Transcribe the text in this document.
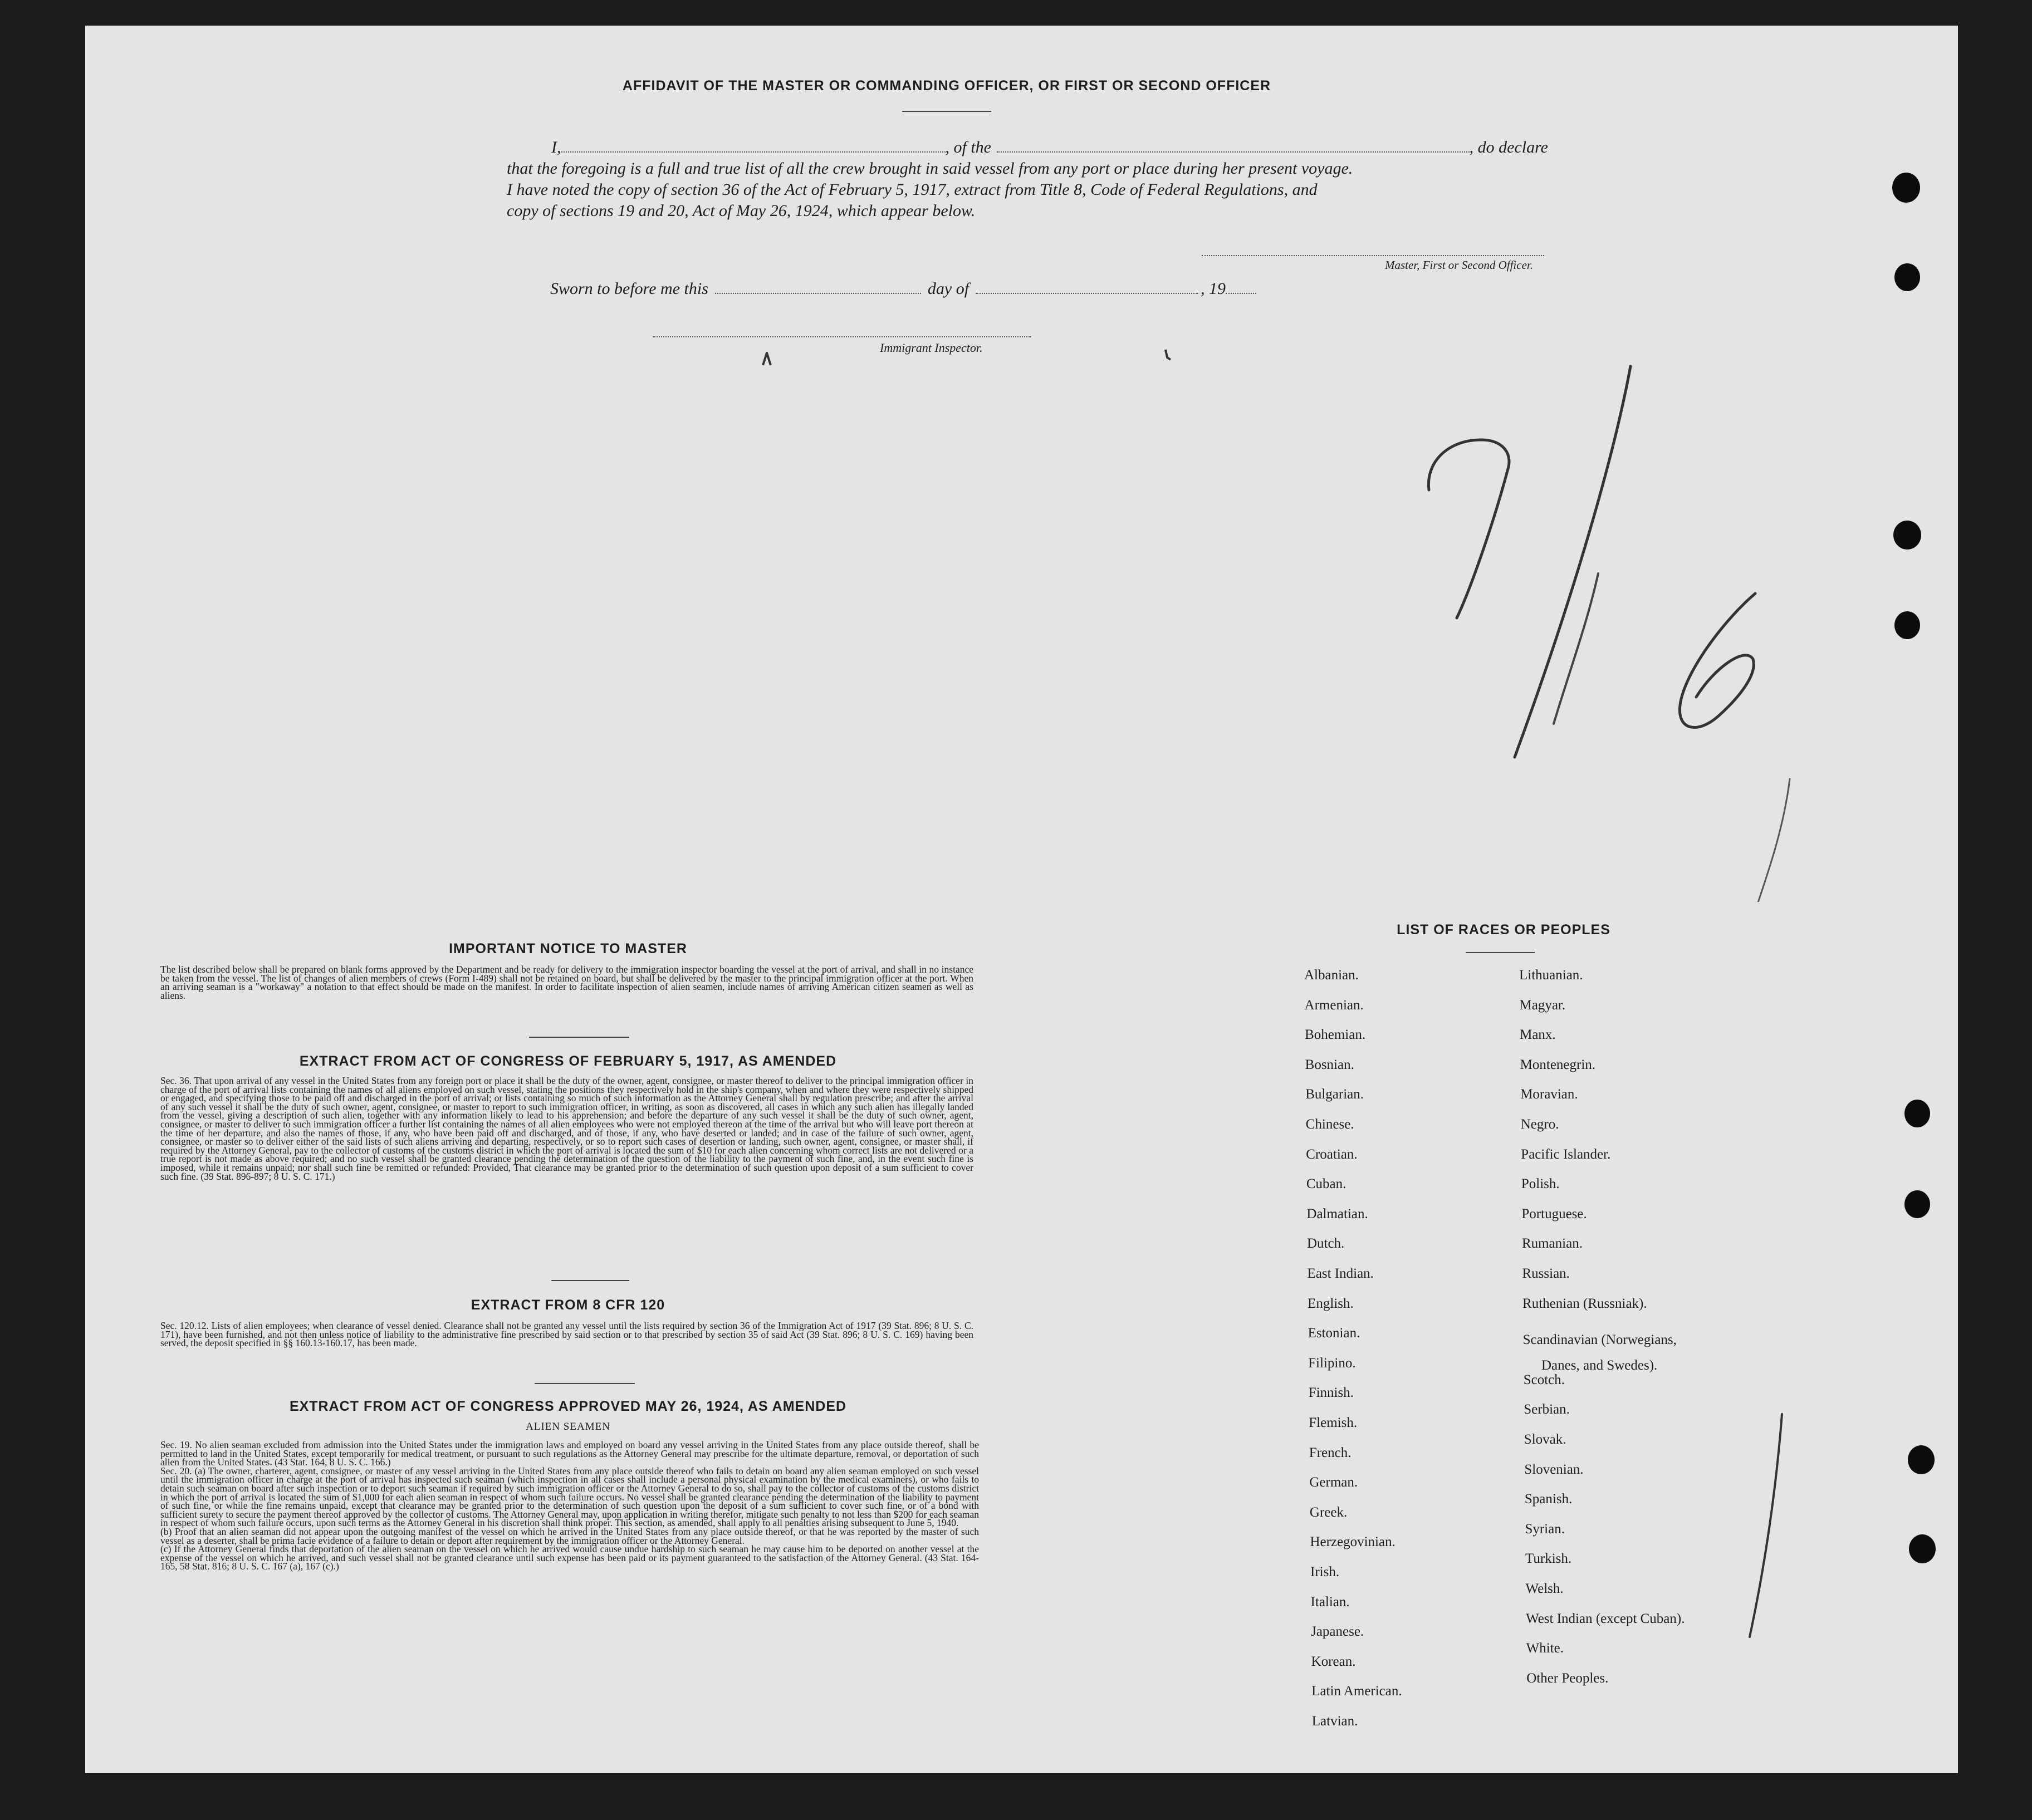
AFFIDAVIT OF THE MASTER OR COMMANDING OFFICER, OR FIRST OR SECOND OFFICER
I,	, of the	, do declare
that the foregoing is a full and true list of all the crew brought in said vessel from any port or place during her present voyage.
I have noted the copy of section 36 of the Act of February 5, 1917, extract from Title 8, Code of Federal Regulations, and
copy of sections 19 and 20, Act of May 26, 1924, which appear below.
Master, First or Second Officer.
Sworn to before me this	day of	, 19
Immigrant Inspector.
IMPORTANT NOTICE TO MASTER
The list described below shall be prepared on blank forms approved by the Department and be ready for delivery to the immigration inspector boarding the vessel at the port of arrival, and shall in no instance be taken from the vessel. The list of changes of alien members of crews (Form I-489) shall not be retained on board, but shall be delivered by the master to the principal immigration officer at the port. When an arriving seaman is a "workaway" a notation to that effect should be made on the manifest. In order to facilitate inspection of alien seamen, include names of arriving American citizen seamen as well as aliens.
EXTRACT FROM ACT OF CONGRESS OF FEBRUARY 5, 1917, AS AMENDED
Sec. 36. That upon arrival of any vessel in the United States from any foreign port or place it shall be the duty of the owner, agent, consignee, or master thereof to deliver to the principal immigration officer in charge of the port of arrival lists containing the names of all aliens employed on such vessel, stating the positions they respectively hold in the ship's company, when and where they were respectively shipped or engaged, and specifying those to be paid off and discharged in the port of arrival; or lists containing so much of such information as the Attorney General shall by regulation prescribe; and after the arrival of any such vessel it shall be the duty of such owner, agent, consignee, or master to report to such immigration officer, in writing, as soon as discovered, all cases in which any such alien has illegally landed from the vessel, giving a description of such alien, together with any information likely to lead to his apprehension; and before the departure of any such vessel it shall be the duty of such owner, agent, consignee, or master to deliver to such immigration officer a further list containing the names of all alien employees who were not employed thereon at the time of the arrival but who will leave port thereon at the time of her departure, and also the names of those, if any, who have been paid off and discharged, and of those, if any, who have deserted or landed; and in case of the failure of such owner, agent, consignee, or master so to deliver either of the said lists of such aliens arriving and departing, respectively, or so to report such cases of desertion or landing, such owner, agent, consignee, or master shall, if required by the Attorney General, pay to the collector of customs of the customs district in which the port of arrival is located the sum of $10 for each alien concerning whom correct lists are not delivered or a true report is not made as above required; and no such vessel shall be granted clearance pending the determination of the question of the liability to the payment of such fine, and, in the event such fine is imposed, while it remains unpaid; nor shall such fine be remitted or refunded: Provided, That clearance may be granted prior to the determination of such question upon deposit of a sum sufficient to cover such fine. (39 Stat. 896-897; 8 U. S. C. 171.)
EXTRACT FROM 8 CFR 120
Sec. 120.12. Lists of alien employees; when clearance of vessel denied. Clearance shall not be granted any vessel until the lists required by section 36 of the Immigration Act of 1917 (39 Stat. 896; 8 U. S. C. 171), have been furnished, and not then unless notice of liability to the administrative fine prescribed by said section or to that prescribed by section 35 of said Act (39 Stat. 896; 8 U. S. C. 169) having been served, the deposit specified in §§ 160.13-160.17, has been made.
EXTRACT FROM ACT OF CONGRESS APPROVED MAY 26, 1924, AS AMENDED
ALIEN SEAMEN
Sec. 19. No alien seaman excluded from admission into the United States under the immigration laws and employed on board any vessel arriving in the United States from any place outside thereof, shall be permitted to land in the United States, except temporarily for medical treatment, or pursuant to such regulations as the Attorney General may prescribe for the ultimate departure, removal, or deportation of such alien from the United States. (43 Stat. 164, 8 U. S. C. 166.)
Sec. 20. (a) The owner, charterer, agent, consignee, or master of any vessel arriving in the United States from any place outside thereof who fails to detain on board any alien seaman employed on such vessel until the immigration officer in charge at the port of arrival has inspected such seaman (which inspection in all cases shall include a personal physical examination by the medical examiners), or who fails to detain such seaman on board after such inspection or to deport such seaman if required by such immigration officer or the Attorney General to do so, shall pay to the collector of customs of the customs district in which the port of arrival is located the sum of $1,000 for each alien seaman in respect of whom such failure occurs. No vessel shall be granted clearance pending the determination of the liability to payment of such fine, or while the fine remains unpaid, except that clearance may be granted prior to the determination of such question upon the deposit of a sum sufficient to cover such fine, or of a bond with sufficient surety to secure the payment thereof approved by the collector of customs. The Attorney General may, upon application in writing therefor, mitigate such penalty to not less than $200 for each seaman in respect of whom such failure occurs, upon such terms as the Attorney General in his discretion shall think proper. This section, as amended, shall apply to all penalties arising subsequent to June 5, 1940.
(b) Proof that an alien seaman did not appear upon the outgoing manifest of the vessel on which he arrived in the United States from any place outside thereof, or that he was reported by the master of such vessel as a deserter, shall be prima facie evidence of a failure to detain or deport after requirement by the immigration officer or the Attorney General.
(c) If the Attorney General finds that deportation of the alien seaman on the vessel on which he arrived would cause undue hardship to such seaman he may cause him to be deported on another vessel at the expense of the vessel on which he arrived, and such vessel shall not be granted clearance until such expense has been paid or its payment guaranteed to the satisfaction of the Attorney General. (43 Stat. 164-165, 58 Stat. 816; 8 U. S. C. 167 (a), 167 (c).)
LIST OF RACES OR PEOPLES
Albanian.
Armenian.
Bohemian.
Bosnian.
Bulgarian.
Chinese.
Croatian.
Cuban.
Dalmatian.
Dutch.
East Indian.
English.
Estonian.
Filipino.
Finnish.
Flemish.
French.
German.
Greek.
Herzegovinian.
Irish.
Italian.
Japanese.
Korean.
Latin American.
Latvian.
Lithuanian.
Magyar.
Manx.
Montenegrin.
Moravian.
Negro.
Pacific Islander.
Polish.
Portuguese.
Rumanian.
Russian.
Ruthenian (Russniak).
Scandinavian (Norwegians,
Danes, and Swedes).
Scotch.
Serbian.
Slovak.
Slovenian.
Spanish.
Syrian.
Turkish.
Welsh.
West Indian (except Cuban).
White.
Other Peoples.
